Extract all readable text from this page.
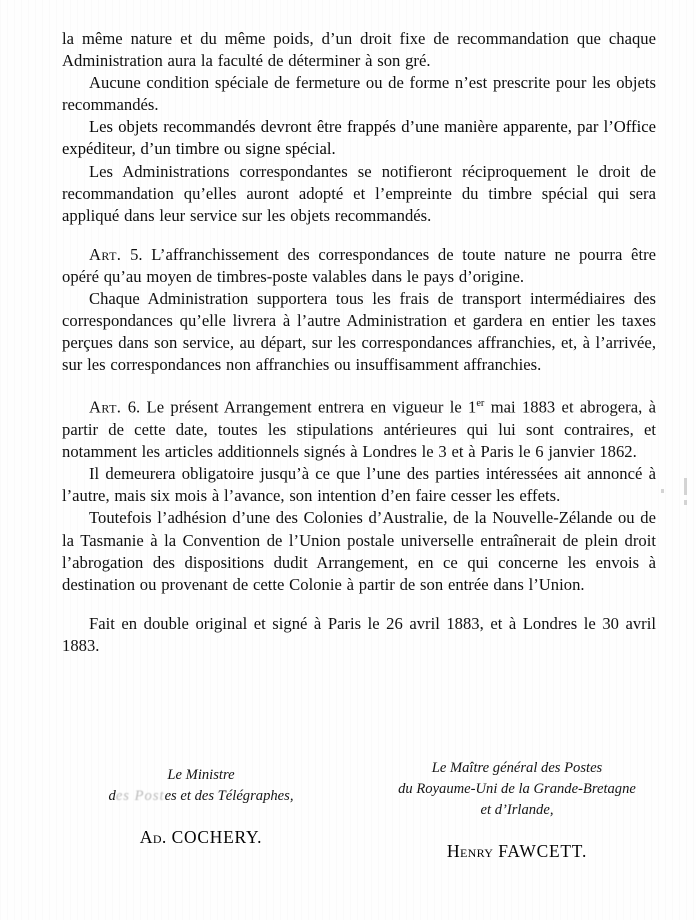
la même nature et du même poids, d’un droit fixe de recommandation que chaque Administration aura la faculté de déterminer à son gré.

Aucune condition spéciale de fermeture ou de forme n’est prescrite pour les objets recommandés.

Les objets recommandés devront être frappés d’une manière apparente, par l’Office expéditeur, d’un timbre ou signe spécial.

Les Administrations correspondantes se notifieront réciproquement le droit de recommandation qu’elles auront adopté et l’empreinte du timbre spécial qui sera appliqué dans leur service sur les objets recommandés.

Art. 5. L’affranchissement des correspondances de toute nature ne pourra être opéré qu’au moyen de timbres-poste valables dans le pays d’origine.

Chaque Administration supportera tous les frais de transport intermédiaires des correspondances qu’elle livrera à l’autre Administration et gardera en entier les taxes perçues dans son service, au départ, sur les correspondances affranchies, et, à l’arrivée, sur les correspondances non affranchies ou insuffisamment affranchies.

Art. 6. Le présent Arrangement entrera en vigueur le 1er mai 1883 et abrogera, à partir de cette date, toutes les stipulations antérieures qui lui sont contraires, et notamment les articles additionnels signés à Londres le 3 et à Paris le 6 janvier 1862.

Il demeurera obligatoire jusqu’à ce que l’une des parties intéressées ait annoncé à l’autre, mais six mois à l’avance, son intention d’en faire cesser les effets.

Toutefois l’adhésion d’une des Colonies d’Australie, de la Nouvelle-Zélande ou de la Tasmanie à la Convention de l’Union postale universelle entraînerait de plein droit l’abrogation des dispositions dudit Arrangement, en ce qui concerne les envois à destination ou provenant de cette Colonie à partir de son entrée dans l’Union.

Fait en double original et signé à Paris le 26 avril 1883, et à Londres le 30 avril 1883.

Le Ministre
des Postes et des Télégraphes,
Ad. COCHERY.
Le Maître général des Postes
du Royaume-Uni de la Grande-Bretagne
et d’Irlande,
Henry FAWCETT.
